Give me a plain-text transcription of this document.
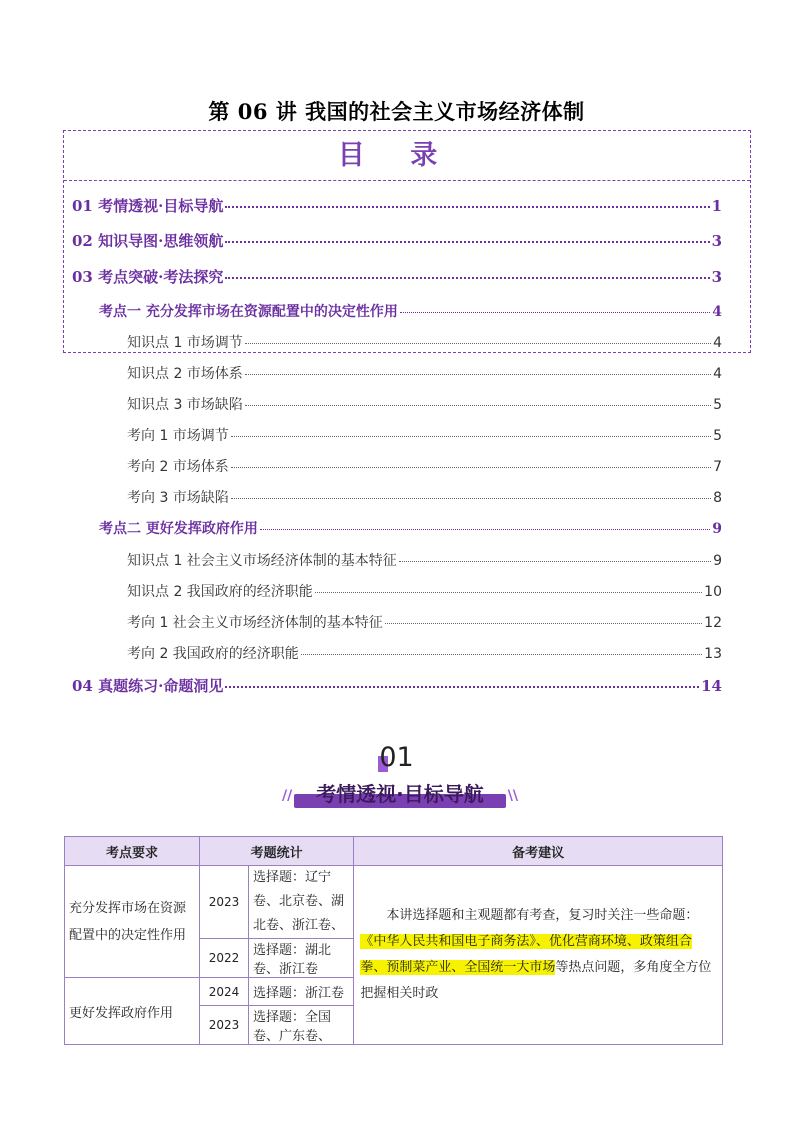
第 06 讲 我国的社会主义市场经济体制
目 录
01 考情透视·目标导航	1
02 知识导图·思维领航	3
03 考点突破·考法探究	3
考点一 充分发挥市场在资源配置中的决定性作用	4
知识点 1 市场调节	4
知识点 2 市场体系	4
知识点 3 市场缺陷	5
考向 1 市场调节	5
考向 2 市场体系	7
考向 3 市场缺陷	8
考点二 更好发挥政府作用	9
知识点 1 社会主义市场经济体制的基本特征	9
知识点 2 我国政府的经济职能	10
考向 1 社会主义市场经济体制的基本特征	12
考向 2 我国政府的经济职能	13
04 真题练习·命题洞见	14
01
//	考情透视·目标导航	\\
考点要求	考题统计		备考建议
充分发挥市场在资源配置中的决定性作用	2023	选择题：辽宁卷、北京卷、湖北卷、浙江卷、	本讲选择题和主观题都有考查，复习时关注一些命题：《中华人民共和国电子商务法》、优化营商环境、政策组合拳、预制菜产业、全国统一大市场等热点问题，多角度全方位把握相关时政
	2022	选择题：湖北卷、浙江卷	
更好发挥政府作用	2024	选择题：浙江卷	
	2023	选择题：全国卷、广东卷、	
